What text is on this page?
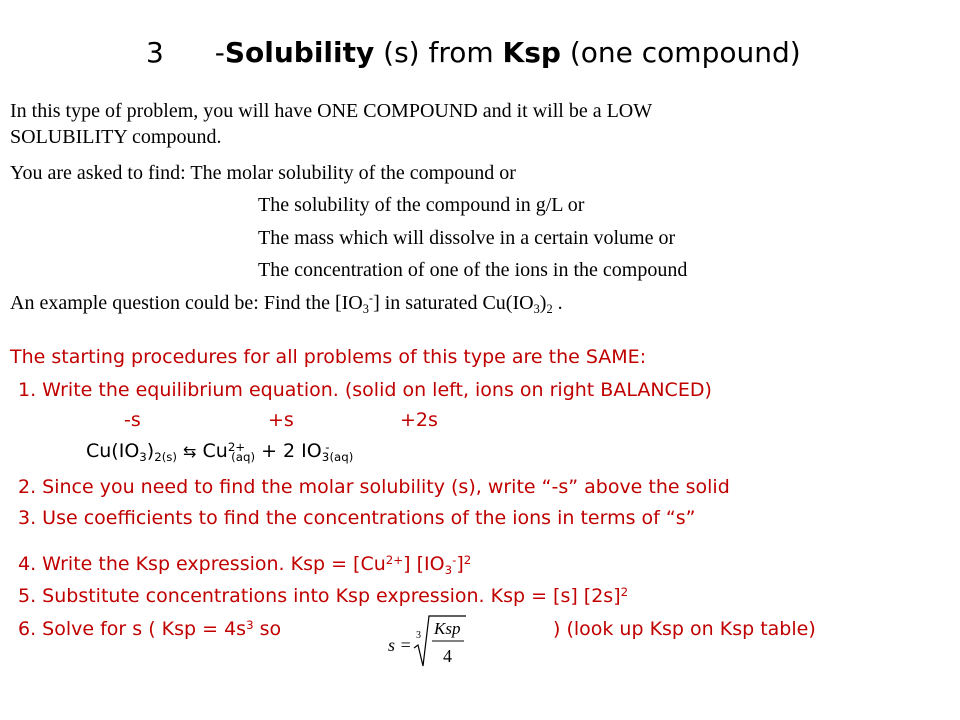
3 -Solubility (s) from Ksp (one compound)
In this type of problem, you will have ONE COMPOUND and it will be a LOW
SOLUBILITY compound.
You are asked to find: The molar solubility of the compound or
The solubility of the compound in g/L or
The mass which will dissolve in a certain volume or
The concentration of one of the ions in the compound
An example question could be: Find the $[IO_3^-]$ in saturated $Cu(IO_3)_2$ .
The starting procedures for all problems of this type are the SAME:
1. Write the equilibrium equation. (solid on left, ions on right BALANCED)
-s	+s	+2s
$Cu(IO_3)_{2(s)}$ ⇆ $Cu^{2+}_{(aq)} + 2$ $IO_3^-_{(aq)}$
2. Since you need to find the molar solubility (s), write “-s” above the solid
3. Use coefficients to find the concentrations of the ions in terms of “s”
4. Write the Ksp expression. Ksp = $[Cu^{2+}]$ $[IO_3^-]^2$
5. Substitute concentrations into Ksp expression. Ksp = [s] $[2s]^2$
6. Solve for s ( Ksp = $4s^3$ so	) (look up Ksp on Ksp table)
s = 3 Ksp
4
